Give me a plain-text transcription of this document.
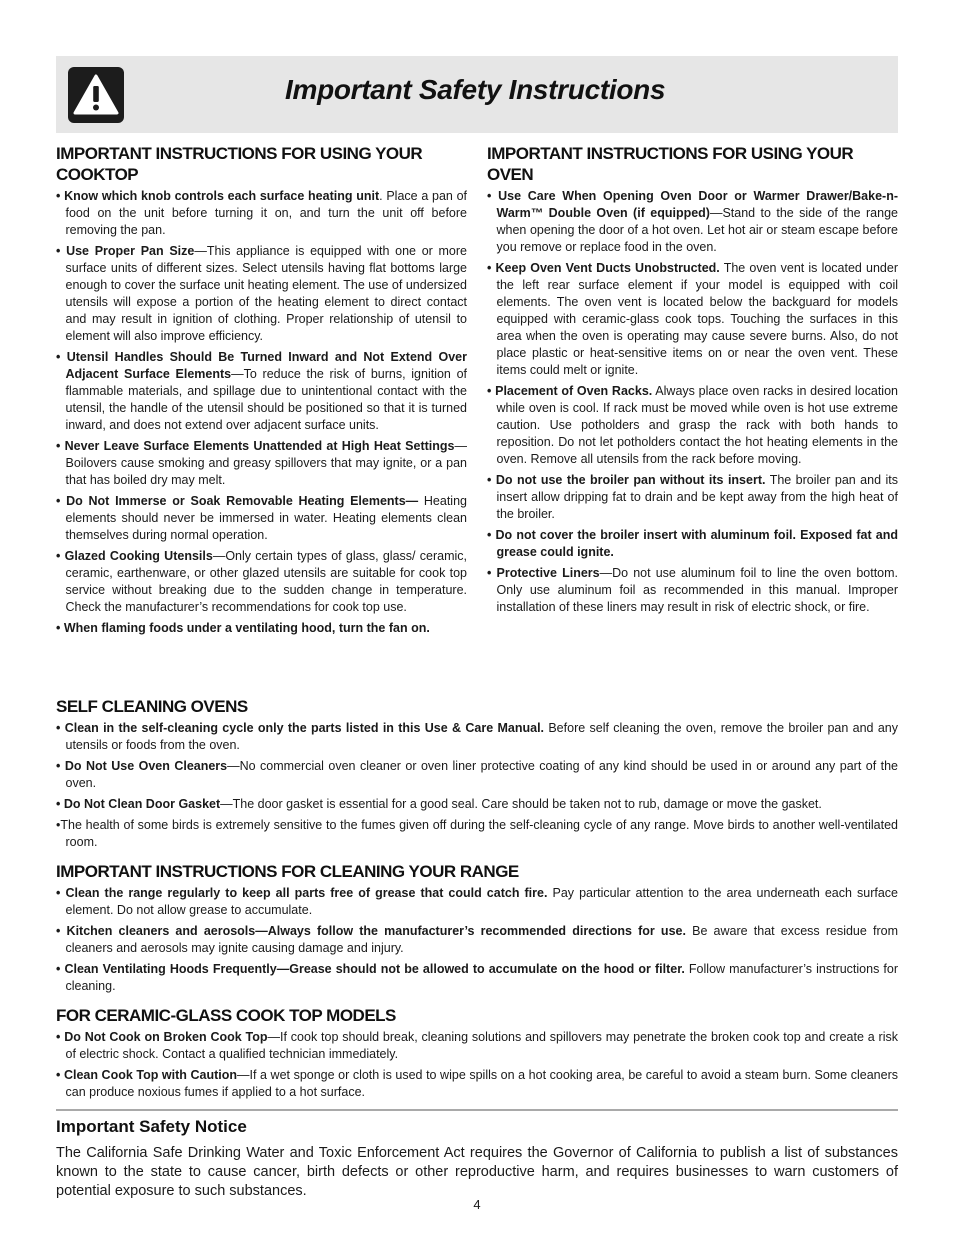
Important Safety Instructions
IMPORTANT INSTRUCTIONS FOR USING YOUR COOKTOP
• Know which knob controls each surface heating unit. Place a pan of food on the unit before turning it on, and turn the unit off before removing the pan.
• Use Proper Pan Size—This appliance is equipped with one or more surface units of different sizes. Select utensils having flat bottoms large enough to cover the surface unit heating element. The use of undersized utensils will expose a portion of the heating element to direct contact and may result in ignition of clothing. Proper relationship of utensil to element will also improve efficiency.
• Utensil Handles Should Be Turned Inward and Not Extend Over Adjacent Surface Elements—To reduce the risk of burns, ignition of flammable materials, and spillage due to unintentional contact with the utensil, the handle of the utensil should be positioned so that it is turned inward, and does not extend over adjacent surface units.
• Never Leave Surface Elements Unattended at High Heat Settings—Boilovers cause smoking and greasy spillovers that may ignite, or a pan that has boiled dry may melt.
• Do Not Immerse or Soak Removable Heating Elements— Heating elements should never be immersed in water. Heating elements clean themselves during normal operation.
• Glazed Cooking Utensils—Only certain types of glass, glass/ ceramic, ceramic, earthenware, or other glazed utensils are suitable for cook top service without breaking due to the sudden change in temperature. Check the manufacturer’s recommendations for cook top use.
• When flaming foods under a ventilating hood, turn the fan on.
IMPORTANT INSTRUCTIONS FOR USING YOUR OVEN
• Use Care When Opening Oven Door or Warmer Drawer/Bake-n-Warm™ Double Oven (if equipped)—Stand to the side of the range when opening the door of a hot oven. Let hot air or steam escape before you remove or replace food in the oven.
• Keep Oven Vent Ducts Unobstructed. The oven vent is located under the left rear surface element if your model is equipped with coil elements. The oven vent is located below the backguard for models equipped with ceramic-glass cook tops. Touching the surfaces in this area when the oven is operating may cause severe burns. Also, do not place plastic or heat-sensitive items on or near the oven vent. These items could melt or ignite.
• Placement of Oven Racks. Always place oven racks in desired location while oven is cool. If rack must be moved while oven is hot use extreme caution. Use potholders and grasp the rack with both hands to reposition. Do not let potholders contact the hot heating elements in the oven. Remove all utensils from the rack before moving.
• Do not use the broiler pan without its insert. The broiler pan and its insert allow dripping fat to drain and be kept away from the high heat of the broiler.
• Do not cover the broiler insert with aluminum foil. Exposed fat and grease could ignite.
• Protective Liners—Do not use aluminum foil to line the oven bottom. Only use aluminum foil as recommended in this manual. Improper installation of these liners may result in risk of electric shock, or fire.
SELF CLEANING OVENS
• Clean in the self-cleaning cycle only the parts listed in this Use & Care Manual. Before self cleaning the oven, remove the broiler pan and any utensils or foods from the oven.
• Do Not Use Oven Cleaners—No commercial oven cleaner or oven liner protective coating of any kind should be used in or around any part of the oven.
• Do Not Clean Door Gasket—The door gasket is essential for a good seal. Care should be taken not to rub, damage or move the gasket.
•The health of some birds is extremely sensitive to the fumes given off during the self-cleaning cycle of any range. Move birds to another well-ventilated room.
IMPORTANT INSTRUCTIONS FOR CLEANING YOUR RANGE
• Clean the range regularly to keep all parts free of grease that could catch fire. Pay particular attention to the area underneath each surface element. Do not allow grease to accumulate.
• Kitchen cleaners and aerosols—Always follow the manufacturer’s recommended directions for use. Be aware that excess residue from cleaners and aerosols may ignite causing damage and injury.
• Clean Ventilating Hoods Frequently—Grease should not be allowed to accumulate on the hood or filter. Follow manufacturer’s instructions for cleaning.
FOR CERAMIC-GLASS COOK TOP MODELS
• Do Not Cook on Broken Cook Top—If cook top should break, cleaning solutions and spillovers may penetrate the broken cook top and create a risk of electric shock. Contact a qualified technician immediately.
• Clean Cook Top with Caution—If a wet sponge or cloth is used to wipe spills on a hot cooking area, be careful to avoid a steam burn. Some cleaners can produce noxious fumes if applied to a hot surface.
Important Safety Notice

The California Safe Drinking Water and Toxic Enforcement Act requires the Governor of California to publish a list of substances known to the state to cause cancer, birth defects or other reproductive harm, and requires businesses to warn customers of potential exposure to such substances.

4
